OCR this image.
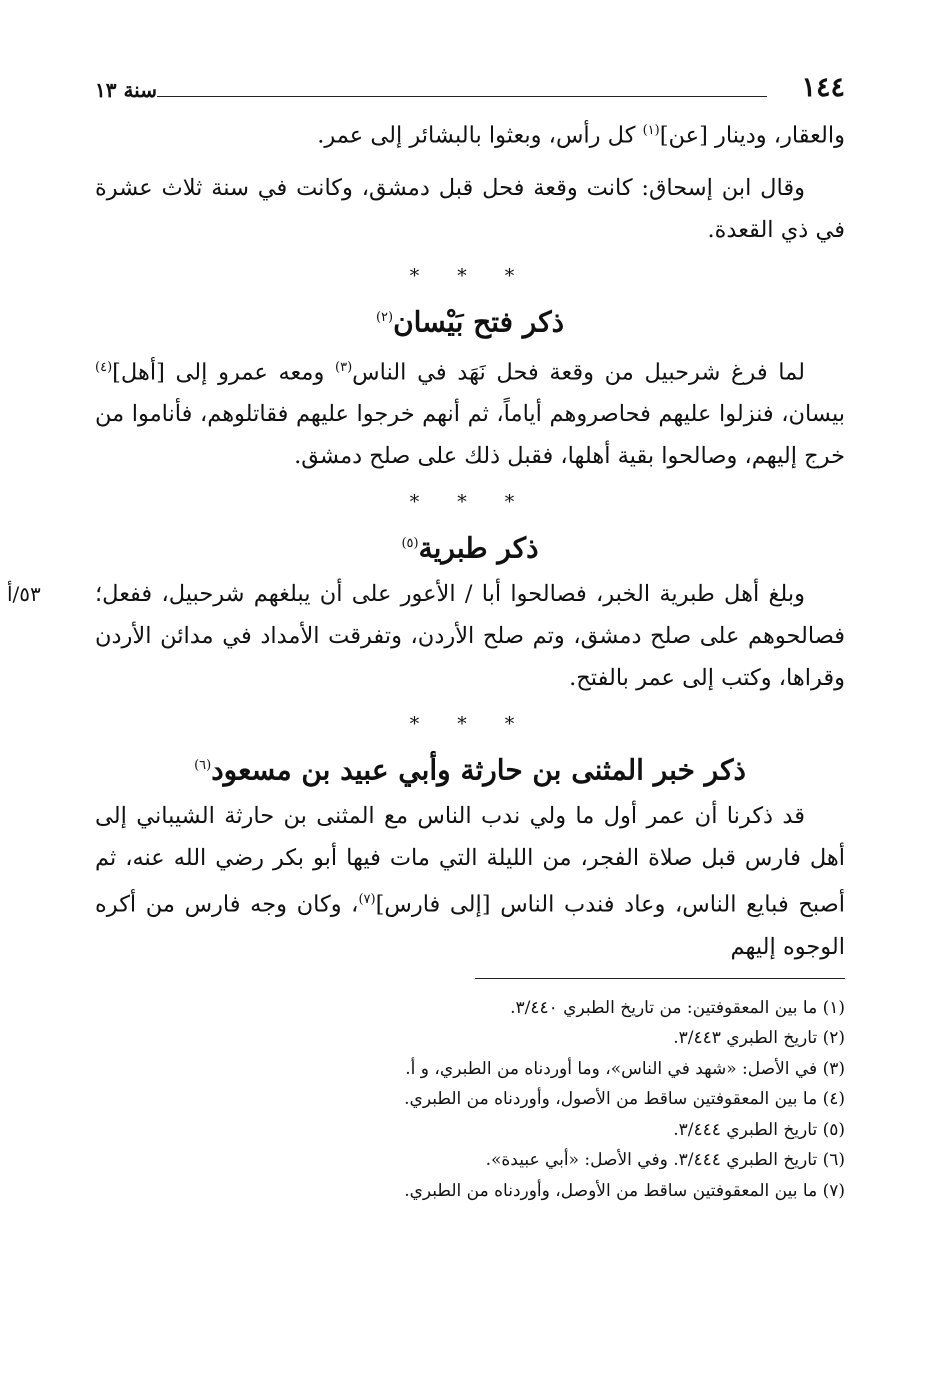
١٤٤
سنة ١٣

والعقار، ودينار [عن]$^{(١)}$ كل رأس، وبعثوا بالبشائر إلى عمر.

وقال ابن إسحاق: كانت وقعة فحل قبل دمشق، وكانت في سنة ثلاث عشرة في ذي القعدة.

* * *
ذكر فتح بَيْسان$^{(٢)}$

لما فرغ شرحبيل من وقعة فحل نَهَد في الناس$^{(٣)}$ ومعه عمرو إلى [أهل]$^{(٤)}$ بيسان، فنزلوا عليهم فحاصروهم أياماً، ثم أنهم خرجوا عليهم فقاتلوهم، فأناموا من خرج إليهم، وصالحوا بقية أهلها، فقبل ذلك على صلح دمشق.

* * *
ذكر طبرية$^{(٥)}$
٥٣/أ	وبلغ أهل طبرية الخبر، فصالحوا أبا / الأعور على أن يبلغهم شرحبيل، ففعل؛ فصالحوهم على صلح دمشق، وتم صلح الأردن، وتفرقت الأمداد في مدائن الأردن وقراها، وكتب إلى عمر بالفتح.

* * *
ذكر خبر المثنى بن حارثة وأبي عبيد بن مسعود$^{(٦)}$

قد ذكرنا أن عمر أول ما ولي ندب الناس مع المثنى بن حارثة الشيباني إلى أهل فارس قبل صلاة الفجر، من الليلة التي مات فيها أبو بكر رضي الله عنه، ثم أصبح فبايع الناس، وعاد فندب الناس [إلى فارس]$^{(٧)}$، وكان وجه فارس من أكره الوجوه إليهم

(١) ما بين المعقوفتين: من تاريخ الطبري ٣/٤٤٠.

(٢) تاريخ الطبري ٣/٤٤٣.

(٣) في الأصل: «شهد في الناس»، وما أوردناه من الطبري، و أ.

(٤) ما بين المعقوفتين ساقط من الأصول، وأوردناه من الطبري.

(٥) تاريخ الطبري ٣/٤٤٤.

(٦) تاريخ الطبري ٣/٤٤٤. وفي الأصل: «أبي عبيدة».

(٧) ما بين المعقوفتين ساقط من الأوصل، وأوردناه من الطبري.
